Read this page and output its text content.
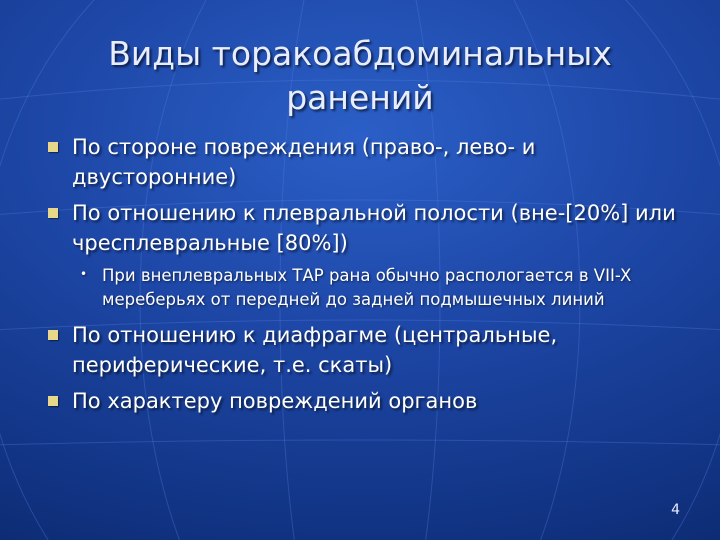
Виды торакоабдоминальных ранений
По стороне повреждения (право-, лево- и двусторонние)
По отношению к плевральной полости (вне-[20%] или чресплевральные [80%])
• При внеплевральных ТАР рана обычно распологается в VII-X мереберьях от передней до задней подмышечных линий
По отношению к диафрагме (центральные, периферические, т.е. скаты)
По характеру повреждений органов
4
